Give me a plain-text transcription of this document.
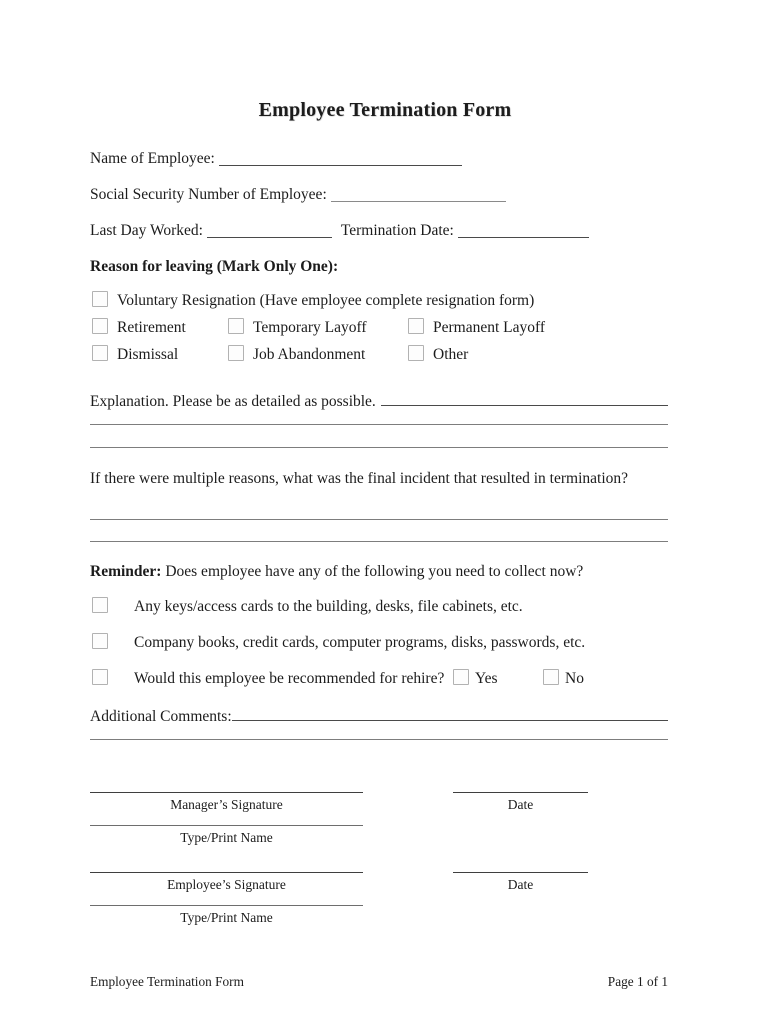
Employee Termination Form
Name of Employee:
Social Security Number of Employee:
Last Day Worked:	Termination Date:
Reason for leaving (Mark Only One):
Voluntary Resignation (Have employee complete resignation form)
Retirement	Temporary Layoff	Permanent Layoff
Dismissal	Job Abandonment	Other
Explanation. Please be as detailed as possible.
If there were multiple reasons, what was the final incident that resulted in termination?
Reminder: Does employee have any of the following you need to collect now?
Any keys/access cards to the building, desks, file cabinets, etc.
Company books, credit cards, computer programs, disks, passwords, etc.
Would this employee be recommended for rehire?	Yes	No
Additional Comments:
Manager’s Signature	Date
Type/Print Name
Employee’s Signature	Date
Type/Print Name
Employee Termination Form	Page 1 of 1
